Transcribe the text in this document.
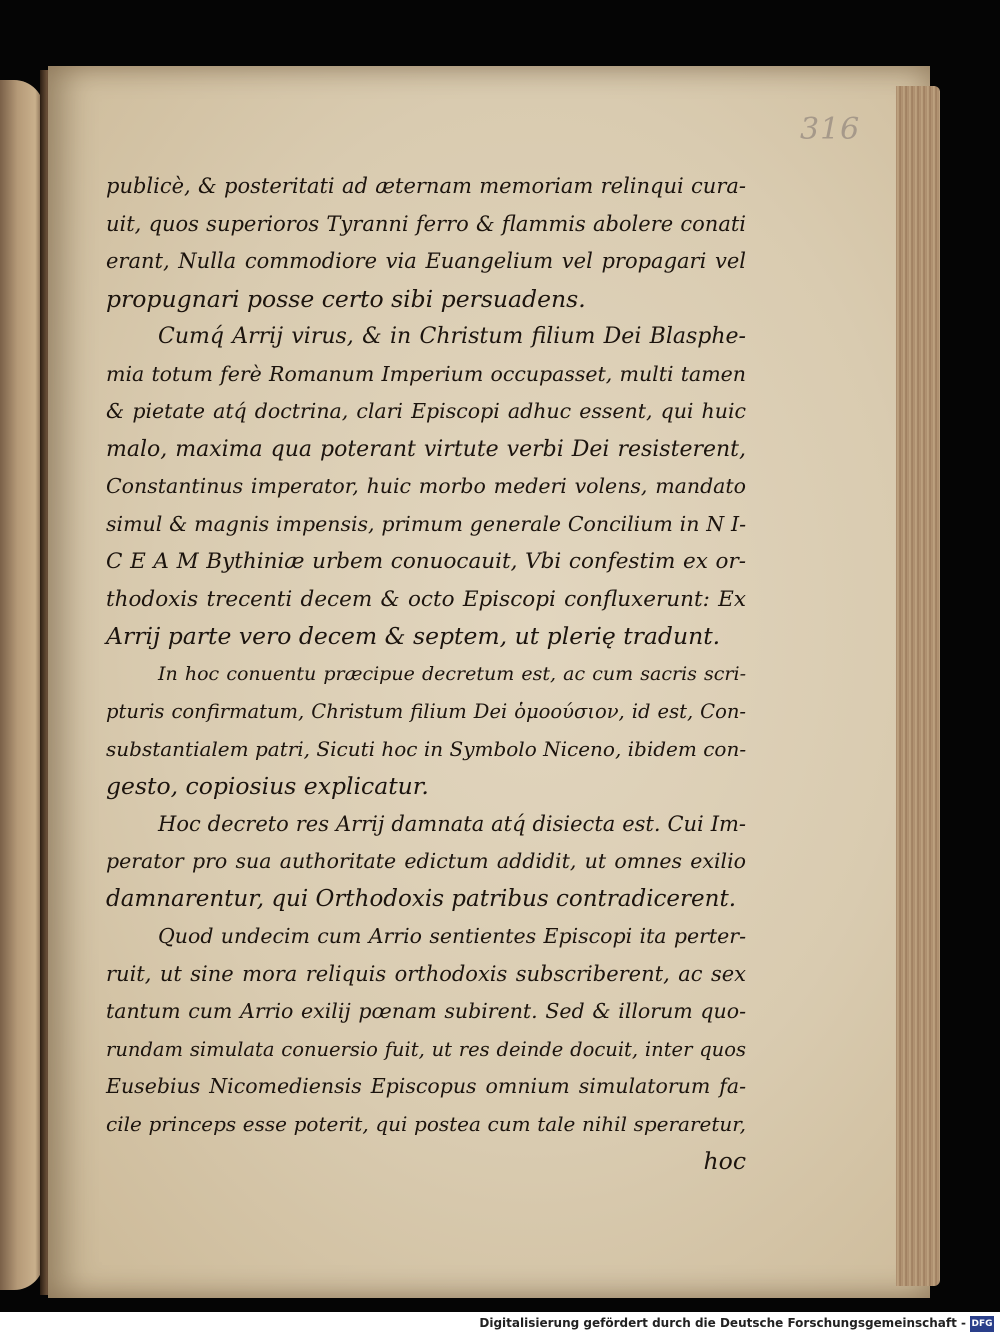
316
publicè, & posteritati ad æternam memoriam relinqui cura-
uit, quos superioros Tyranni ferro & flammis abolere conati
erant, Nulla commodiore via Euangelium vel propagari vel
propugnari posse certo sibi persuadens.
Cumq́ Arrij virus, & in Christum filium Dei Blasphe-
mia totum ferè Romanum Imperium occupasset, multi tamen
& pietate atq́ doctrina, clari Episcopi adhuc essent, qui huic
malo, maxima qua poterant virtute verbi Dei resisterent,
Constantinus imperator, huic morbo mederi volens, mandato
simul & magnis impensis, primum generale Concilium in N I-
C E A M Bythiniæ urbem conuocauit, Vbi confestim ex or-
thodoxis trecenti decem & octo Episcopi confluxerunt: Ex
Arrij parte vero decem & septem, ut plerię tradunt.
In hoc conuentu præcipue decretum est, ac cum sacris scri-
pturis confirmatum, Christum filium Dei ὁμοούσιον, id est, Con-
substantialem patri, Sicuti hoc in Symbolo Niceno, ibidem con-
gesto, copiosius explicatur.
Hoc decreto res Arrij damnata atq́ disiecta est. Cui Im-
perator pro sua authoritate edictum addidit, ut omnes exilio
damnarentur, qui Orthodoxis patribus contradicerent.
Quod undecim cum Arrio sentientes Episcopi ita perter-
ruit, ut sine mora reliquis orthodoxis subscriberent, ac sex
tantum cum Arrio exilij pœnam subirent. Sed & illorum quo-
rundam simulata conuersio fuit, ut res deinde docuit, inter quos
Eusebius Nicomediensis Episcopus omnium simulatorum fa-
cile princeps esse poterit, qui postea cum tale nihil speraretur,
hoc
Digitalisierung gefördert durch die Deutsche Forschungsgemeinschaft - DFG
